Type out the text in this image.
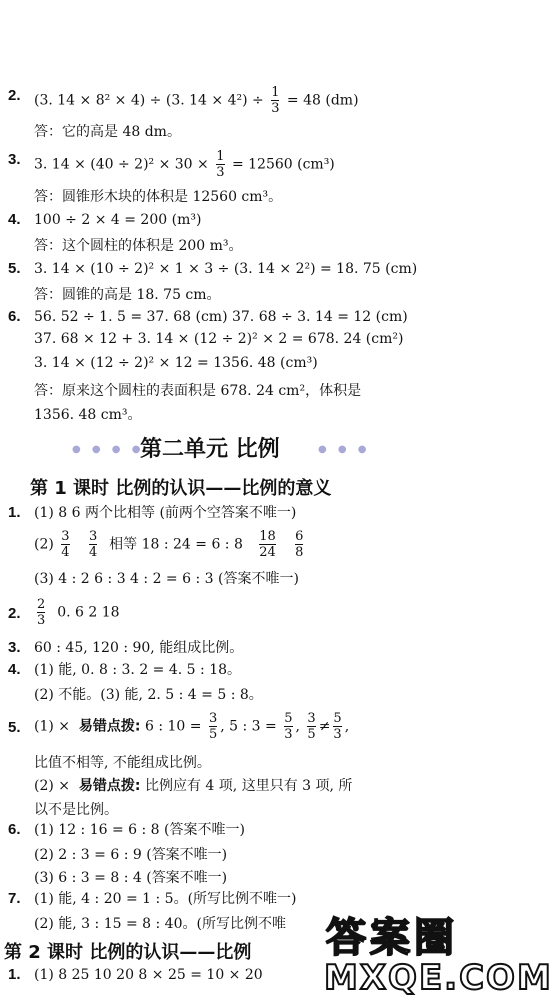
2. (3. 14 × 8² × 4) ÷ (3. $14 \times 4^2) \div \frac{1}{3} = 48$ (dm)
答：它的高是 48 dm。
3. 3. $14 \times (40 \div 2)^2 \times 30 \times \frac{1}{3} = 12560$ (cm³)
答：圆锥形木块的体积是 12560 cm³。
4. 100 ÷ 2 × 4 = 200 (m³)
答：这个圆柱的体积是 200 m³。
5. 3. 14 × (10 ÷ 2)² × 1 × 3 ÷ (3. 14 × 2²) = 18. 75 (cm)
答：圆锥的高是 18. 75 cm。
6. 56. 52 ÷ 1. 5 = 37. 68 (cm) 37. 68 ÷ 3. 14 = 12 (cm)
37. 68 × 12 + 3. 14 × (12 ÷ 2)² × 2 = 678. 24 (cm²)
3. 14 × (12 ÷ 2)² × 12 = 1356. 48 (cm³)
答：原来这个圆柱的表面积是 678. 24 cm²，体积是
1356. 48 cm³。
● ● ● ●
第二单元 比例	● ● ●
第 1 课时 比例的认识——比例的意义
1. (1) 8 6 两个比相等 (前两个空答案不唯一)
$(2) \frac{3}{4}$
$\frac{3}{4}$ 相等 18 : 24 = 6 : $8 \frac{18}{24}$
$\frac{6}{8}$
(3) 4 : 2 6 : 3 4 : 2 = 6 : 3 (答案不唯一)
2. $\frac{2}{3} 0$. 6 2 18
3. 60 : 45, 120 : 90, 能组成比例。
4. (1) 能, 0. 8 : 3. 2 = 4. 5 : 18。
(2) 不能。(3) 能, 2. 5 : 4 = 5 : 8。
5. (1) × 易错点拨: 6 : $10 = \frac{3}{5}$ , 5 : $3 = \frac{5}{3}$ , $\frac{3}{5} \ne \frac{5}{3}$ ,
比值不相等, 不能组成比例。
(2) × 易错点拨: 比例应有 4 项, 这里只有 3 项, 所
以不是比例。
6. (1) 12 : 16 = 6 : 8 (答案不唯一)
(2) 2 : 3 = 6 : 9 (答案不唯一)
(3) 6 : 3 = 8 : 4 (答案不唯一)
7. (1) 能, 4 : 20 = 1 : 5。(所写比例不唯一)
(2) 能, 3 : 15 = 8 : 40。(所写比例不唯
第 2 课时 比例的认识——比例
1. (1) 8 25 10 20 8 × 25 = 10 × 20
答案圈
MXQE.COM
